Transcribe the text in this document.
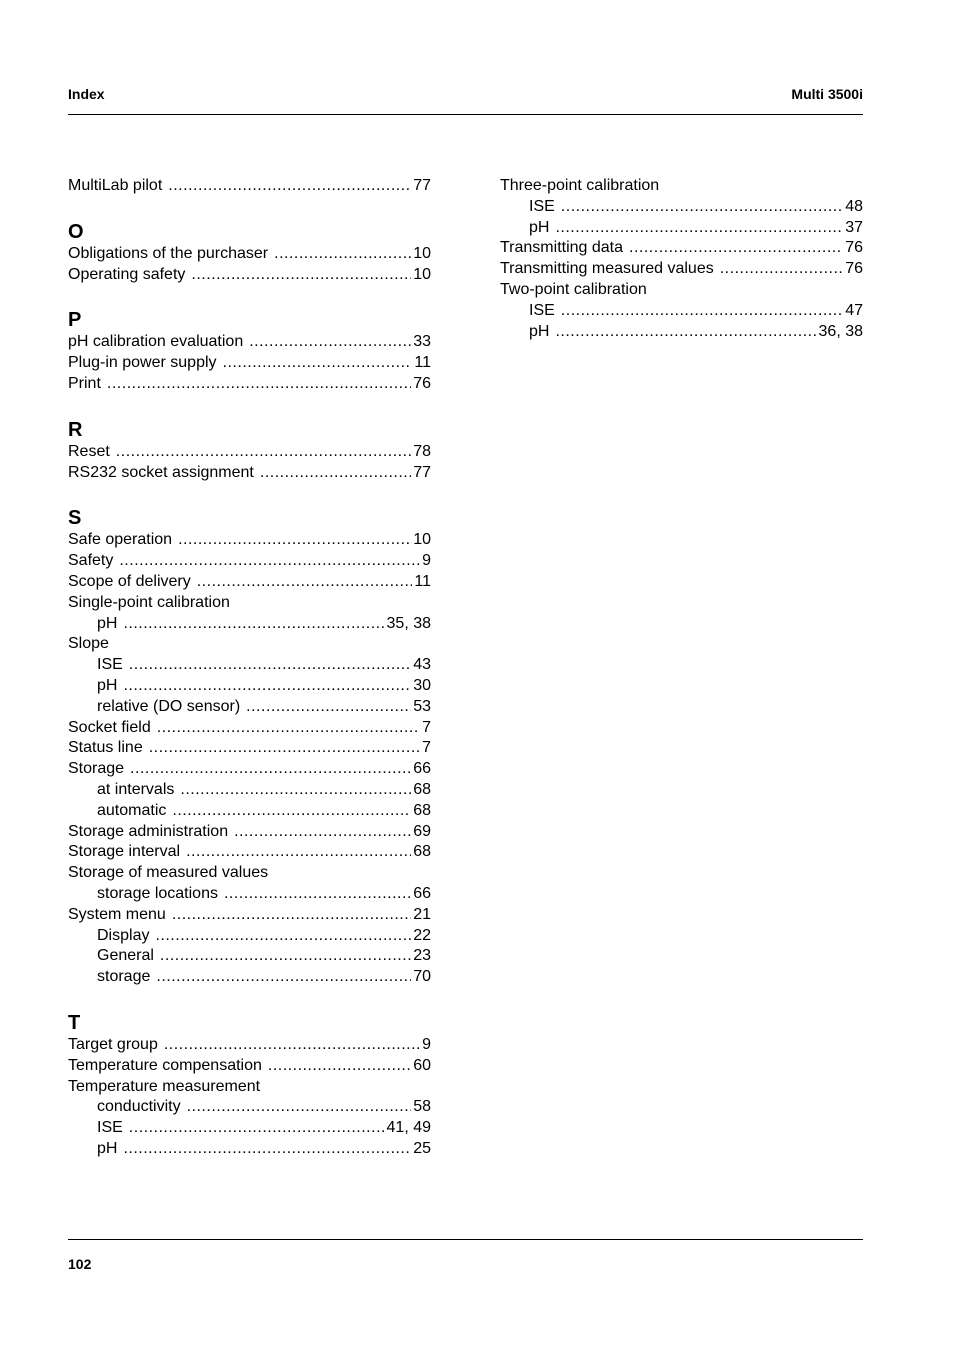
Index	Multi 3500i
MultiLab pilot .....	77
O
Obligations of the purchaser .....	10
Operating safety .....	10
P
pH calibration evaluation .....	33
Plug-in power supply .....	11
Print .....	76
R
Reset .....	78
RS232 socket assignment .....	77
S
Safe operation .....	10
Safety .....	9
Scope of delivery .....	11
Single-point calibration
pH .....	35, 38
Slope
ISE .....	43
pH .....	30
relative (DO sensor) .....	53
Socket field .....	7
Status line .....	7
Storage .....	66
at intervals .....	68
automatic .....	68
Storage administration .....	69
Storage interval .....	68
Storage of measured values
storage locations .....	66
System menu .....	21
Display .....	22
General .....	23
storage .....	70
T
Target group .....	9
Temperature compensation .....	60
Temperature measurement
conductivity .....	58
ISE .....	41, 49
pH .....	25
Three-point calibration
ISE .....	48
pH .....	37
Transmitting data .....	76
Transmitting measured values .....	76
Two-point calibration
ISE .....	47
pH .....	36, 38
102
